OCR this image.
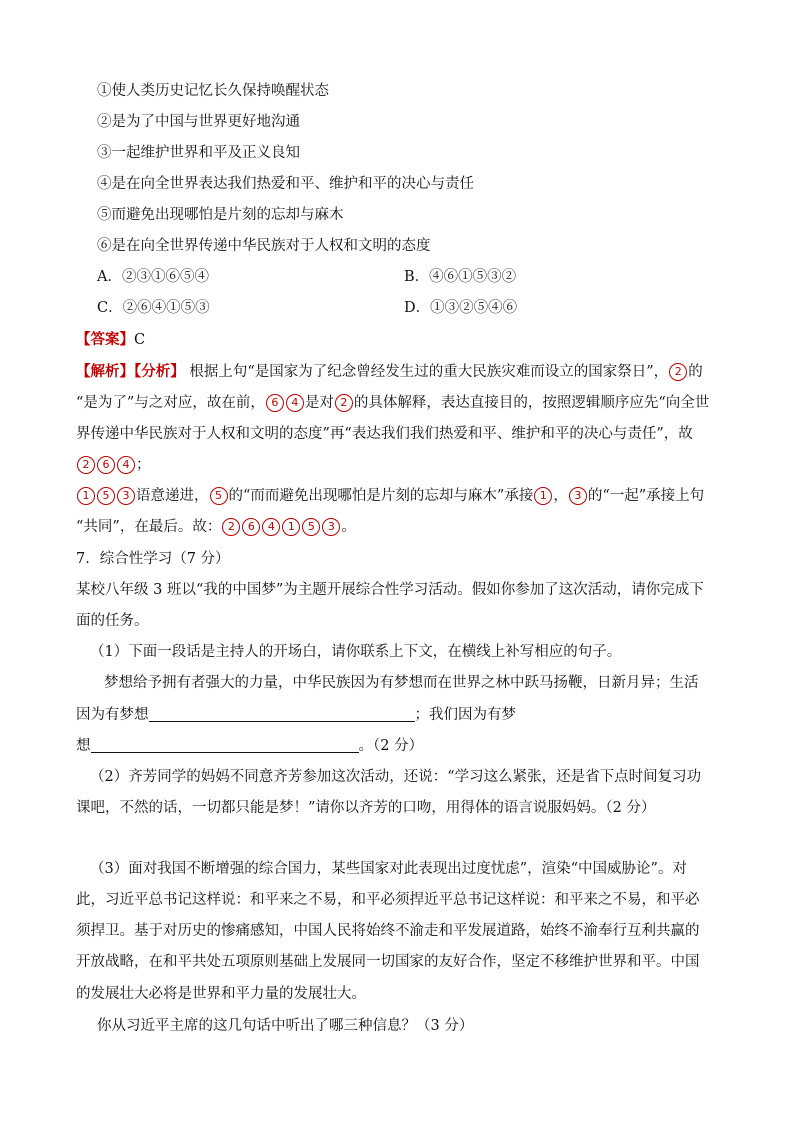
①使人类历史记忆长久保持唤醒状态
②是为了中国与世界更好地沟通
③一起维护世界和平及正义良知
④是在向全世界表达我们热爱和平、维护和平的决心与责任
⑤而避免出现哪怕是片刻的忘却与麻木
⑥是在向全世界传递中华民族对于人权和文明的态度
A．②③①⑥⑤④	B．④⑥①⑤③②
C．②⑥④①⑤③	D．①③②⑤④⑥
【答案】C
【解析】【分析】 根据上句“是国家为了纪念曾经发生过的重大民族灾难而设立的国家祭日”， 2 的
“是为了”与之对应，故在前， 6 4 是对 2 的具体解释，表达直接目的，按照逻辑顺序应先“向全世
界传递中华民族对于人权和文明的态度”再“表达我们我们热爱和平、维护和平的决心与责任”，故
2 6 4 ；
1 5 3 语意递进， 5 的“而而避免出现哪怕是片刻的忘却与麻木”承接 1 ， 3 的“一起”承接上句
“共同”，在最后。故： 2 6 4 1 5 3 。
7．综合性学习（7 分）
某校八年级 3 班以“我的中国梦”为主题开展综合性学习活动。假如你参加了这次活动，请你完成下
面的任务。
（1）下面一段话是主持人的开场白，请你联系上下文，在横线上补写相应的句子。
梦想给予拥有者强大的力量，中华民族因为有梦想而在世界之林中跃马扬鞭，日新月异；生活
因为有梦想	；我们因为有梦
想	。（2 分）
（2）齐芳同学的妈妈不同意齐芳参加这次活动，还说：“学习这么紧张，还是省下点时间复习功
课吧，不然的话，一切都只能是梦！”请你以齐芳的口吻，用得体的语言说服妈妈。（2 分）
（3）面对我国不断增强的综合国力，某些国家对此表现出过度忧虑”，渲染“中国威胁论”。对
此，习近平总书记这样说：和平来之不易，和平必须捍近平总书记这样说：和平来之不易，和平必
须捍卫。基于对历史的惨痛感知，中国人民将始终不渝走和平发展道路，始终不渝奉行互利共赢的
开放战略，在和平共处五项原则基础上发展同一切国家的友好合作，坚定不移维护世界和平。中国
的发展壮大必将是世界和平力量的发展壮大。
你从习近平主席的这几句话中听出了哪三种信息？（3 分）
